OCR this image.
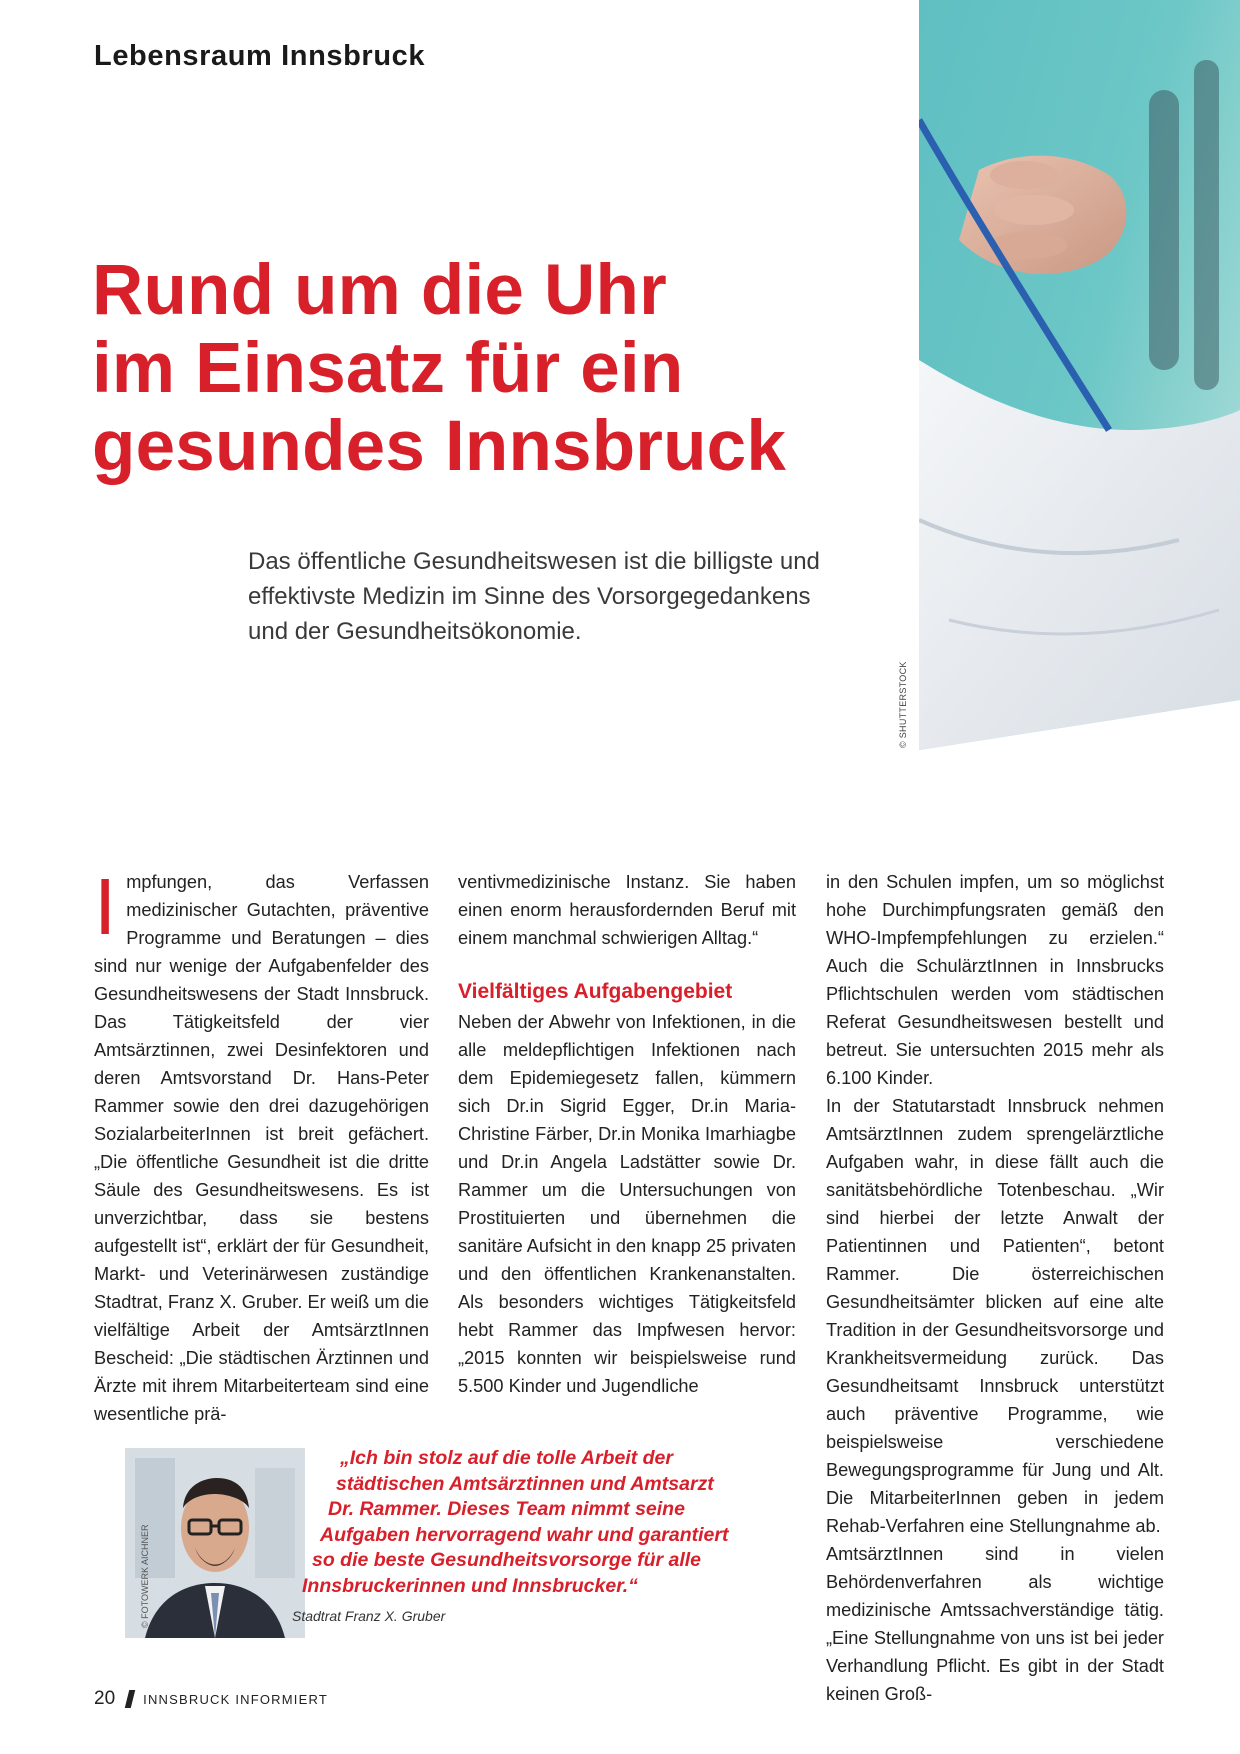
Lebensraum Innsbruck
© SHUTTERSTOCK
Rund um die Uhr
im Einsatz für ein
gesundes Innsbruck
Das öffentliche Gesundheitswesen ist die billigste und
effektivste Medizin im Sinne des Vorsorgegedankens
und der Gesundheitsökonomie.

Impfungen, das Verfassen medizinischer Gutachten, präventive Programme und Beratungen – dies sind nur wenige der Aufgabenfelder des Gesundheitswesens der Stadt Innsbruck. Das Tätigkeitsfeld der vier Amtsärztinnen, zwei Desinfektoren und deren Amtsvorstand Dr. Hans-Peter Rammer sowie den drei dazugehörigen SozialarbeiterInnen ist breit gefächert. „Die öffentliche Gesundheit ist die dritte Säule des Gesundheitswesens. Es ist unverzichtbar, dass sie bestens aufgestellt ist“, erklärt der für Gesundheit, Markt- und Veterinärwesen zuständige Stadtrat, Franz X. Gruber. Er weiß um die vielfältige Arbeit der AmtsärztInnen Bescheid: „Die städtischen Ärztinnen und Ärzte mit ihrem Mitarbeiterteam sind eine wesentliche prä-

ventivmedizinische Instanz. Sie haben einen enorm herausfordernden Beruf mit einem manchmal schwierigen Alltag.“

Vielfältiges Aufgabengebiet

Neben der Abwehr von Infektionen, in die alle meldepflichtigen Infektionen nach dem Epidemiegesetz fallen, kümmern sich Dr.in Sigrid Egger, Dr.in Maria-Christine Färber, Dr.in Monika Imarhiagbe und Dr.in Angela Ladstätter sowie Dr. Rammer um die Untersuchungen von Prostituierten und übernehmen die sanitäre Aufsicht in den knapp 25 privaten und den öffentlichen Krankenanstalten. Als besonders wichtiges Tätigkeitsfeld hebt Rammer das Impfwesen hervor: „2015 konnten wir beispielsweise rund 5.500 Kinder und Jugendliche

in den Schulen impfen, um so möglichst hohe Durchimpfungsraten gemäß den WHO-Impfempfehlungen zu erzielen.“ Auch die SchulärztInnen in Innsbrucks Pflichtschulen werden vom städtischen Referat Gesundheitswesen bestellt und betreut. Sie untersuchten 2015 mehr als 6.100 Kinder.

In der Statutarstadt Innsbruck nehmen AmtsärztInnen zudem sprengelärztliche Aufgaben wahr, in diese fällt auch die sanitätsbehördliche Totenbeschau. „Wir sind hierbei der letzte Anwalt der Patientinnen und Patienten“, betont Rammer. Die österreichischen Gesundheitsämter blicken auf eine alte Tradition in der Gesundheitsvorsorge und Krankheitsvermeidung zurück. Das Gesundheitsamt Innsbruck unterstützt auch präventive Programme, wie beispielsweise verschiedene Bewegungsprogramme für Jung und Alt. Die MitarbeiterInnen geben in jedem Rehab-Verfahren eine Stellungnahme ab.

AmtsärztInnen sind in vielen Behördenverfahren als wichtige medizinische Amtssachverständige tätig. „Eine Stellungnahme von uns ist bei jeder Verhandlung Pflicht. Es gibt in der Stadt keinen Groß-

© FOTOWERK AICHNER
„Ich bin stolz auf die tolle Arbeit der
städtischen Amtsärztinnen und Amtsarzt
Dr. Rammer. Dieses Team nimmt seine
Aufgaben hervorragend wahr und garantiert
so die beste Gesundheitsvorsorge für alle
Innsbruckerinnen und Innsbrucker.“
Stadtrat Franz X. Gruber
20 INNSBRUCK INFORMIERT
